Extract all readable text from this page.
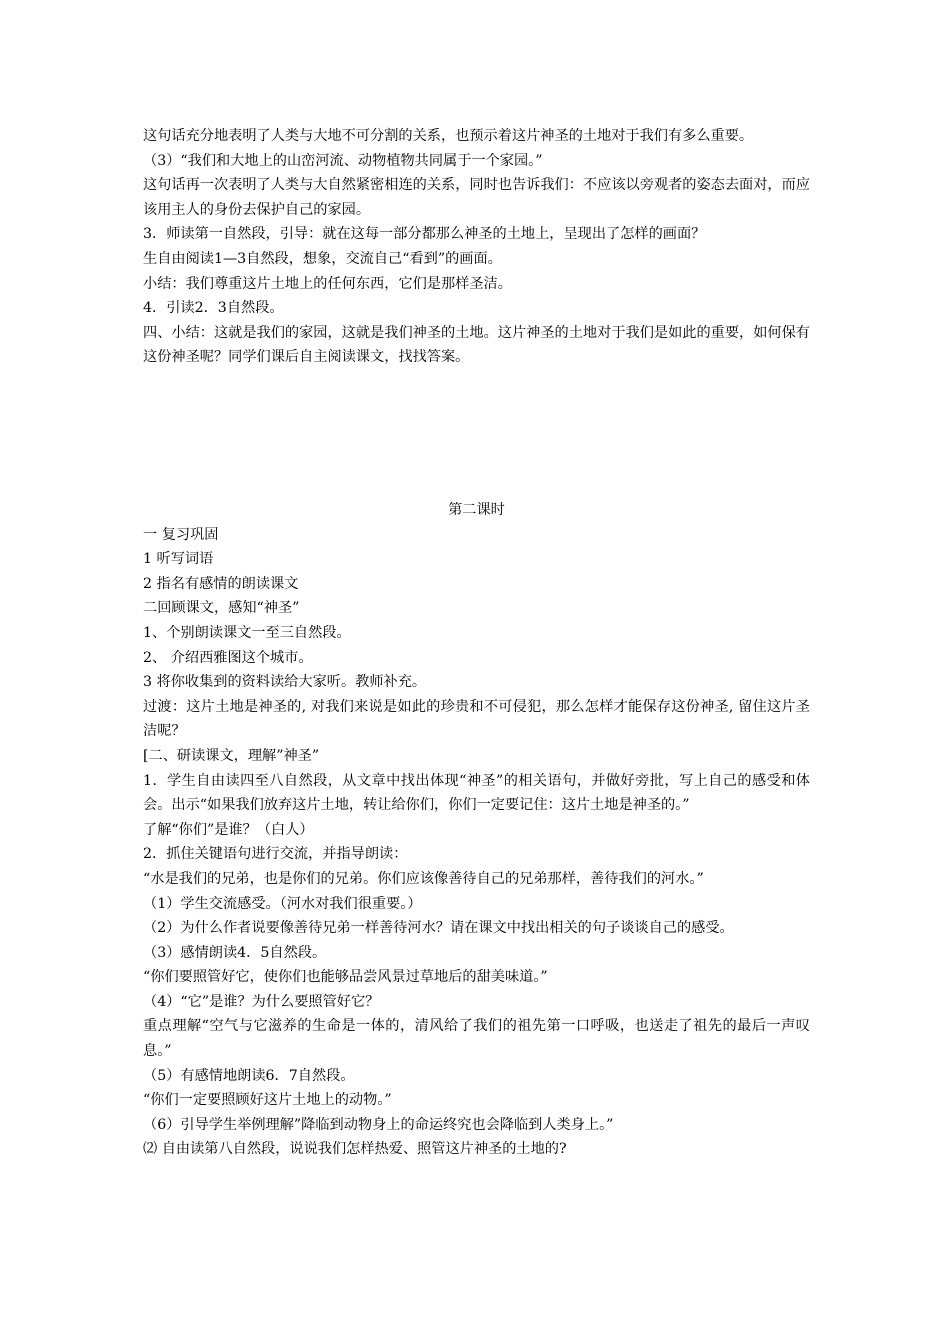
这句话充分地表明了人类与大地不可分割的关系，也预示着这片神圣的土地对于我们有多么重要。

（3）“我们和大地上的山峦河流、动物植物共同属于一个家园。”

这句话再一次表明了人类与大自然紧密相连的关系，同时也告诉我们：不应该以旁观者的姿态去面对，而应该用主人的身份去保护自己的家园。

3．师读第一自然段，引导：就在这每一部分都那么神圣的土地上，呈现出了怎样的画面？

生自由阅读1—3自然段，想象，交流自己“看到”的画面。

小结：我们尊重这片土地上的任何东西，它们是那样圣洁。

4．引读2．3自然段。

四、小结：这就是我们的家园，这就是我们神圣的土地。这片神圣的土地对于我们是如此的重要，如何保有这份神圣呢？同学们课后自主阅读课文，找找答案。

第二课时

一 复习巩固

1 听写词语

2 指名有感情的朗读课文

二回顾课文，感知“神圣”

1、个别朗读课文一至三自然段。

2、 介绍西雅图这个城市。

3 将你收集到的资料读给大家听。教师补充。

过渡：这片土地是神圣的, 对我们来说是如此的珍贵和不可侵犯，那么怎样才能保存这份神圣, 留住这片圣洁呢？

[二、研读课文，理解”神圣”

1．学生自由读四至八自然段，从文章中找出体现“神圣”的相关语句，并做好旁批，写上自己的感受和体会。出示“如果我们放弃这片土地，转让给你们，你们一定要记住：这片土地是神圣的。”

了解“你们”是谁？（白人）

2．抓住关键语句进行交流，并指导朗读：

“水是我们的兄弟，也是你们的兄弟。你们应该像善待自己的兄弟那样，善待我们的河水。”

（1）学生交流感受。（河水对我们很重要。）

（2）为什么作者说要像善待兄弟一样善待河水？请在课文中找出相关的句子谈谈自己的感受。

（3）感情朗读4．5自然段。

“你们要照管好它，使你们也能够品尝风景过草地后的甜美味道。”

（4）“它”是谁？为什么要照管好它？

重点理解“空气与它滋养的生命是一体的，清风给了我们的祖先第一口呼吸，也送走了祖先的最后一声叹息。”

（5）有感情地朗读6．7自然段。

“你们一定要照顾好这片土地上的动物。”

（6）引导学生举例理解”降临到动物身上的命运终究也会降临到人类身上。”

⑵ 自由读第八自然段，说说我们怎样热爱、照管这片神圣的土地的?
